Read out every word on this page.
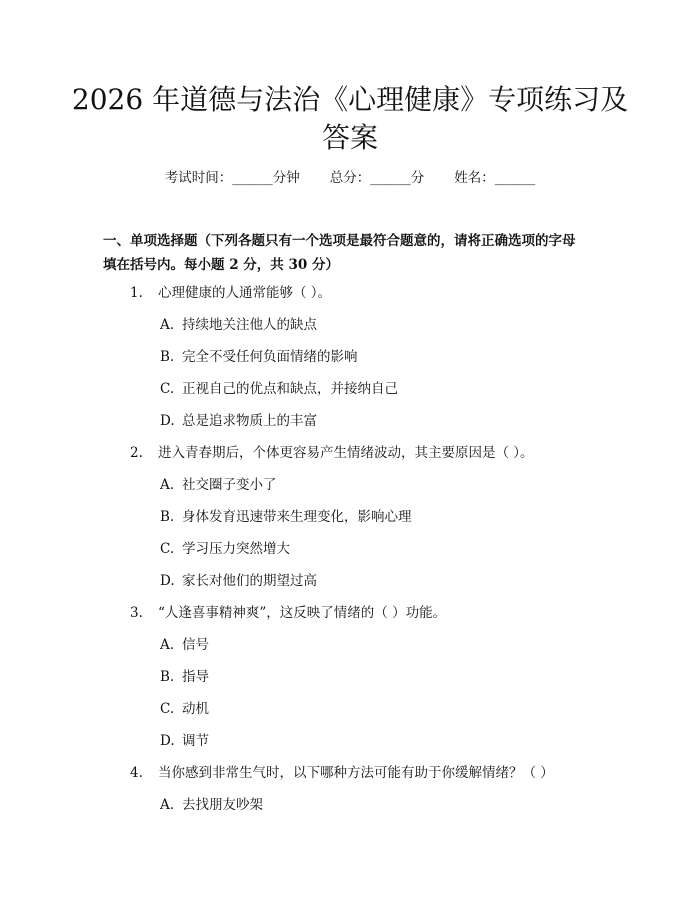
2026 年道德与法治《心理健康》专项练习及
答案
考试时间：______分钟 总分：______分 姓名：______
一、单项选择题（下列各题只有一个选项是最符合题意的，请将正确选项的字母
填在括号内。每小题 2 分，共 30 分）
1. 心理健康的人通常能够（ ）。
A. 持续地关注他人的缺点
B. 完全不受任何负面情绪的影响
C. 正视自己的优点和缺点，并接纳自己
D. 总是追求物质上的丰富
2. 进入青春期后，个体更容易产生情绪波动，其主要原因是（ ）。
A. 社交圈子变小了
B. 身体发育迅速带来生理变化，影响心理
C. 学习压力突然增大
D. 家长对他们的期望过高
3. “人逢喜事精神爽”，这反映了情绪的（ ）功能。
A. 信号
B. 指导
C. 动机
D. 调节
4. 当你感到非常生气时，以下哪种方法可能有助于你缓解情绪？（ ）
A. 去找朋友吵架
